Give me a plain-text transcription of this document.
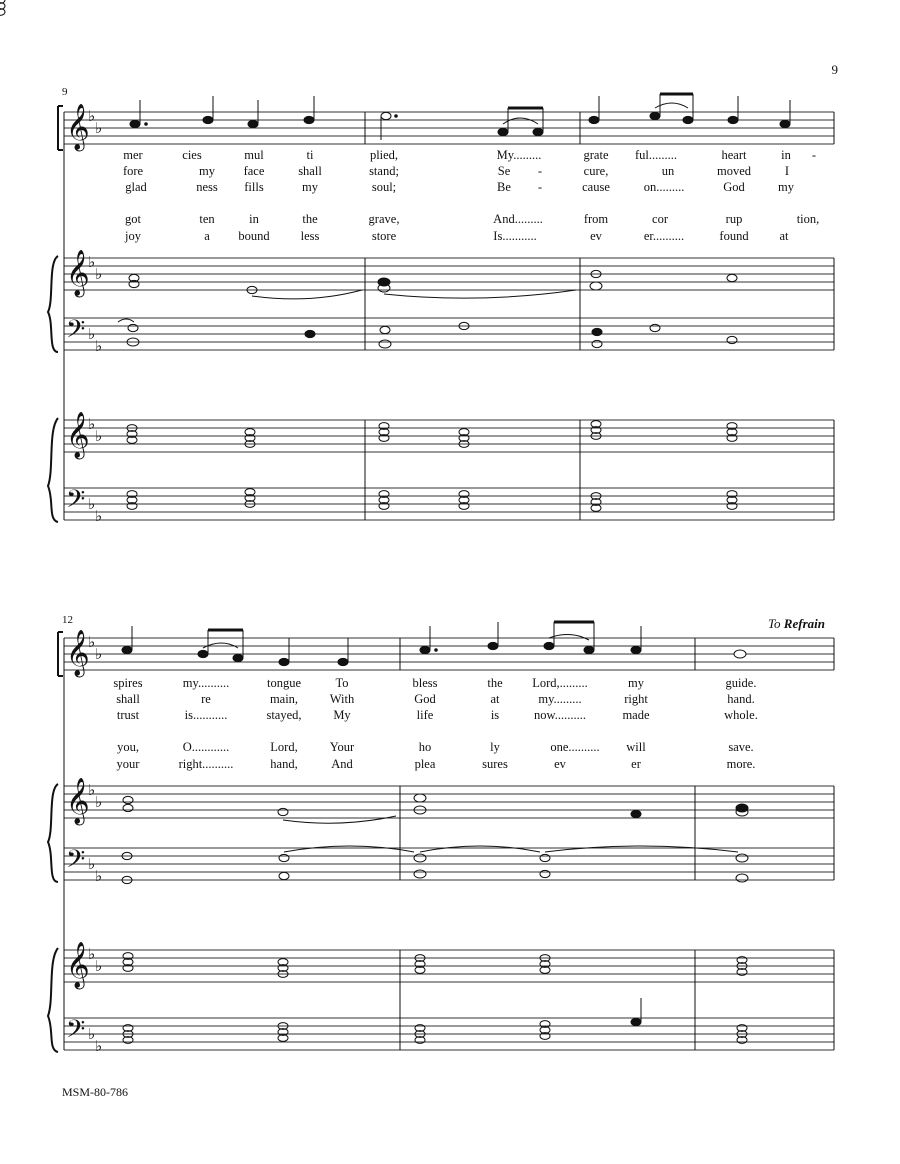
9
9
12	To Refrain
MSM-80-786
𝄞
𝄞
𝄢
𝄞
𝄢
𝄞
𝄞
𝄢
𝄞
𝄢
♭
♭
♭
♭
♭
♭
♭
♭
♭
♭
♭
♭
♭
♭
♭
♭
♭
♭
♭
♭
mer	cies	mul	ti	plied,	My.........	grate ful.........	heart	in -
fore	my face	shall	stand;	Se -	cure,	un	moved	I
glad	ness fills	my	soul;	Be -	cause	on.........	God	my
got	ten	in	the	grave,	And.........	from	cor	rup	tion,
joy	a bound less	store	Is...........	ev	er..........	found at
spires	my..........	tongue	To	bless	the Lord,.........	my	guide.
shall	re	main,	With	God	at	my.........	right	hand.
trust	is...........	stayed,	My	life	is	now..........	made	whole.
you,	O............	Lord,	Your	ho	ly	one.......... will	save.
your	right..........	hand,	And	plea	sures	ev	er	more.
